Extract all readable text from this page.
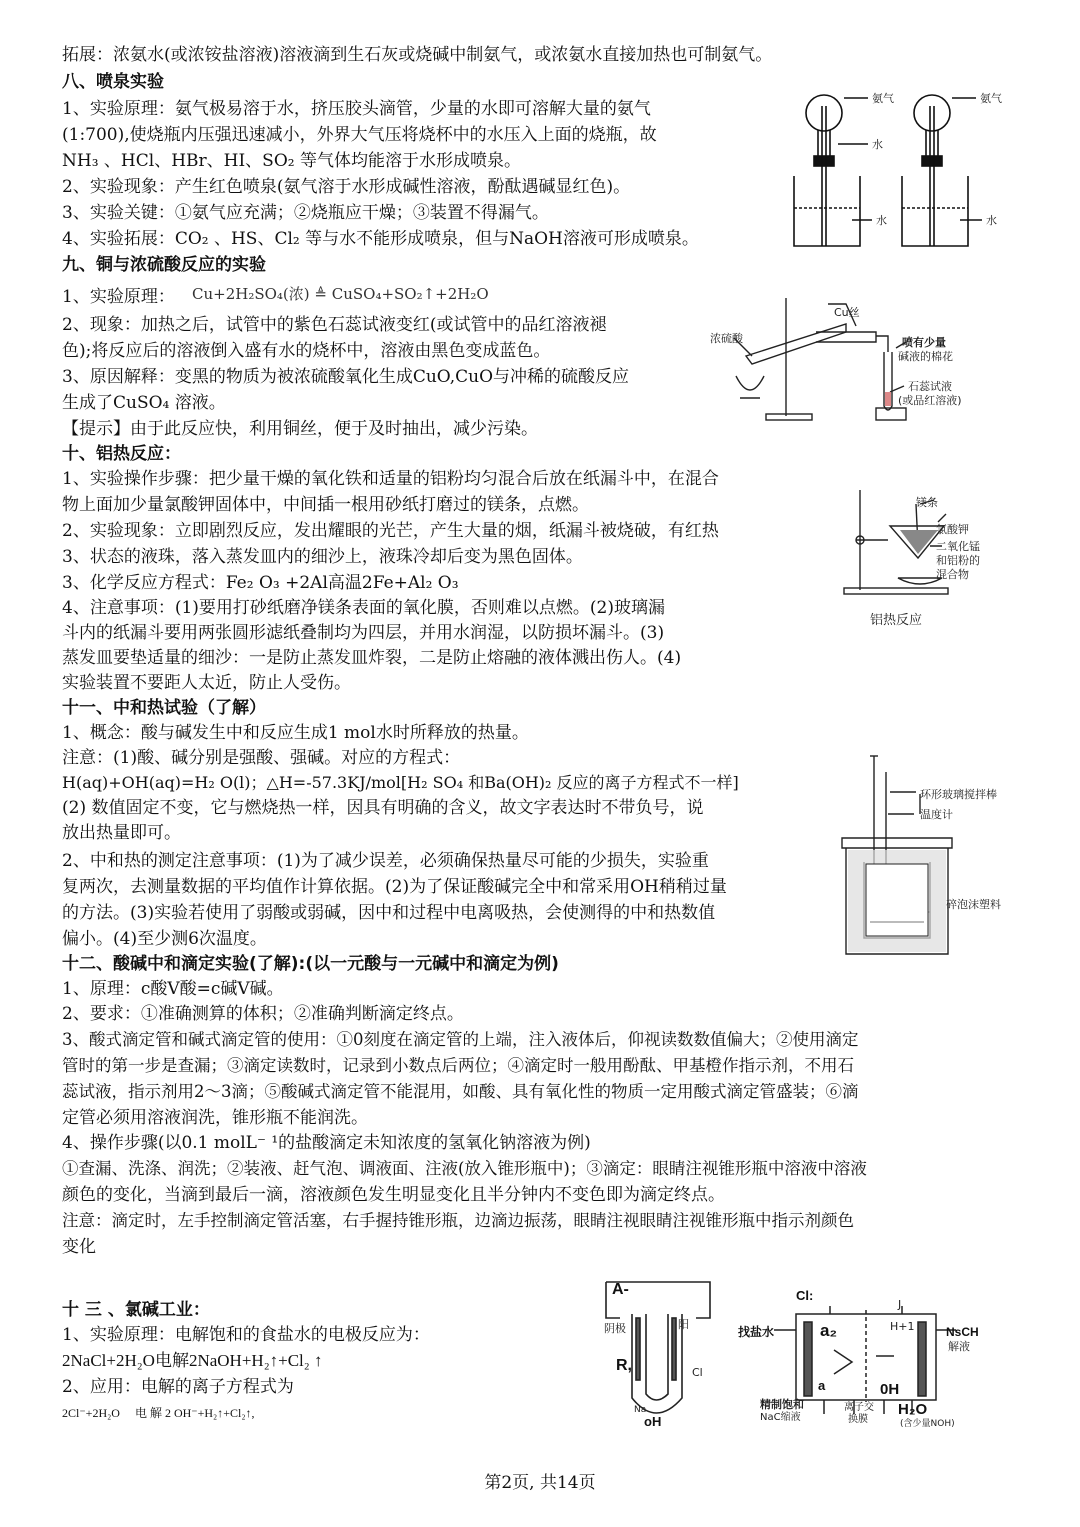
拓展：浓氨水(或浓铵盐溶液)溶液滴到生石灰或烧碱中制氨气，或浓氨水直接加热也可制氨气。
八、喷泉实验
1、实验原理：氨气极易溶于水，挤压胶头滴管，少量的水即可溶解大量的氨气
(1:700),使烧瓶内压强迅速减小，外界大气压将烧杯中的水压入上面的烧瓶，故
NH₃ 、HCl、HBr、HI、SO₂ 等气体均能溶于水形成喷泉。
2、实验现象：产生红色喷泉(氨气溶于水形成碱性溶液，酚酞遇碱显红色)。
3、实验关键：①氨气应充满；②烧瓶应干燥；③装置不得漏气。
4、实验拓展：CO₂ 、HS、Cl₂ 等与水不能形成喷泉，但与NaOH溶液可形成喷泉。
九、铜与浓硫酸反应的实验
1、实验原理： Cu+2H₂SO₄(浓) ≜ CuSO₄+SO₂↑+2H₂O
2、现象：加热之后，试管中的紫色石蕊试液变红(或试管中的品红溶液褪
色);将反应后的溶液倒入盛有水的烧杯中，溶液由黑色变成蓝色。
3、原因解释：变黑的物质为被浓硫酸氧化生成CuO,CuO与冲稀的硫酸反应
生成了CuSO₄ 溶液。
【提示】由于此反应快，利用铜丝，便于及时抽出，减少污染。
十、铝热反应：
1、实验操作步骤：把少量干燥的氧化铁和适量的铝粉均匀混合后放在纸漏斗中，在混合
物上面加少量氯酸钾固体中，中间插一根用砂纸打磨过的镁条，点燃。
2、实验现象：立即剧烈反应，发出耀眼的光芒，产生大量的烟，纸漏斗被烧破，有红热
3、状态的液珠，落入蒸发皿内的细沙上，液珠冷却后变为黑色固体。
3、化学反应方程式：Fe₂ O₃ +2Al高温2Fe+Al₂ O₃
4、注意事项：(1)要用打砂纸磨净镁条表面的氧化膜，否则难以点燃。(2)玻璃漏
斗内的纸漏斗要用两张圆形滤纸叠制均为四层，并用水润湿，以防损坏漏斗。(3)
蒸发皿要垫适量的细沙：一是防止蒸发皿炸裂，二是防止熔融的液体溅出伤人。(4)
实验装置不要距人太近，防止人受伤。
十一、中和热试验（了解）
1、概念：酸与碱发生中和反应生成1 mol水时所释放的热量。
注意：(1)酸、碱分别是强酸、强碱。对应的方程式：
H(aq)+OH(aq)=H₂ O(l)；△H=-57.3KJ/mol[H₂ SO₄ 和Ba(OH)₂ 反应的离子方程式不一样]
(2) 数值固定不变，它与燃烧热一样，因具有明确的含义，故文字表达时不带负号，说
放出热量即可。
2、中和热的测定注意事项：(1)为了减少误差，必须确保热量尽可能的少损失，实验重
复两次，去测量数据的平均值作计算依据。(2)为了保证酸碱完全中和常采用OH稍稍过量
的方法。(3)实验若使用了弱酸或弱碱，因中和过程中电离吸热，会使测得的中和热数值
偏小。(4)至少测6次温度。
十二、酸碱中和滴定实验(了解):(以一元酸与一元碱中和滴定为例)
1、原理：c酸V酸=c碱V碱。
2、要求：①准确测算的体积；②准确判断滴定终点。
3、酸式滴定管和碱式滴定管的使用：①0刻度在滴定管的上端，注入液体后，仰视读数数值偏大；②使用滴定
管时的第一步是查漏；③滴定读数时，记录到小数点后两位；④滴定时一般用酚酞、甲基橙作指示剂，不用石
蕊试液，指示剂用2～3滴；⑤酸碱式滴定管不能混用，如酸、具有氧化性的物质一定用酸式滴定管盛装；⑥滴
定管必须用溶液润洗，锥形瓶不能润洗。
4、操作步骤(以0.1 molL⁻ ¹的盐酸滴定未知浓度的氢氧化钠溶液为例)
①查漏、洗涤、润洗；②装液、赶气泡、调液面、注液(放入锥形瓶中)；③滴定：眼睛注视锥形瓶中溶液中溶液
颜色的变化，当滴到最后一滴，溶液颜色发生明显变化且半分钟内不变色即为滴定终点。
注意：滴定时，左手控制滴定管活塞，右手握持锥形瓶，边滴边振荡，眼睛注视眼睛注视锥形瓶中指示剂颜色
变化
十 三 、氯碱工业：
1、实验原理：电解饱和的食盐水的电极反应为：
2NaCl+2H₂O电解2NaOH+H₂↑+Cl₂ ↑
2、应用：电解的离子方程式为
2Cl⁻+2H₂O　 电 解 2 OH⁻+H₂↑+Cl₂↑,
氨气
水
水
氨气
水
Cu丝
浓硫酸	喷有少量
碱液的棉花
石蕊试液
(或品红溶液)
镁条
氯酸钾
二氧化锰
和铝粉的
混合物
铝热反应
环形玻璃搅拌棒
温度计
碎泡沫塑料
A-
阴极	阳
R,	Cl
Na
oH
Cl:
J
找盐水	a₂	H+1	NsCH
解液
a	0H
精制饱和
NaC缩液
离子交
换膜
H₂O
(含少量NOH)
第2页, 共14页
